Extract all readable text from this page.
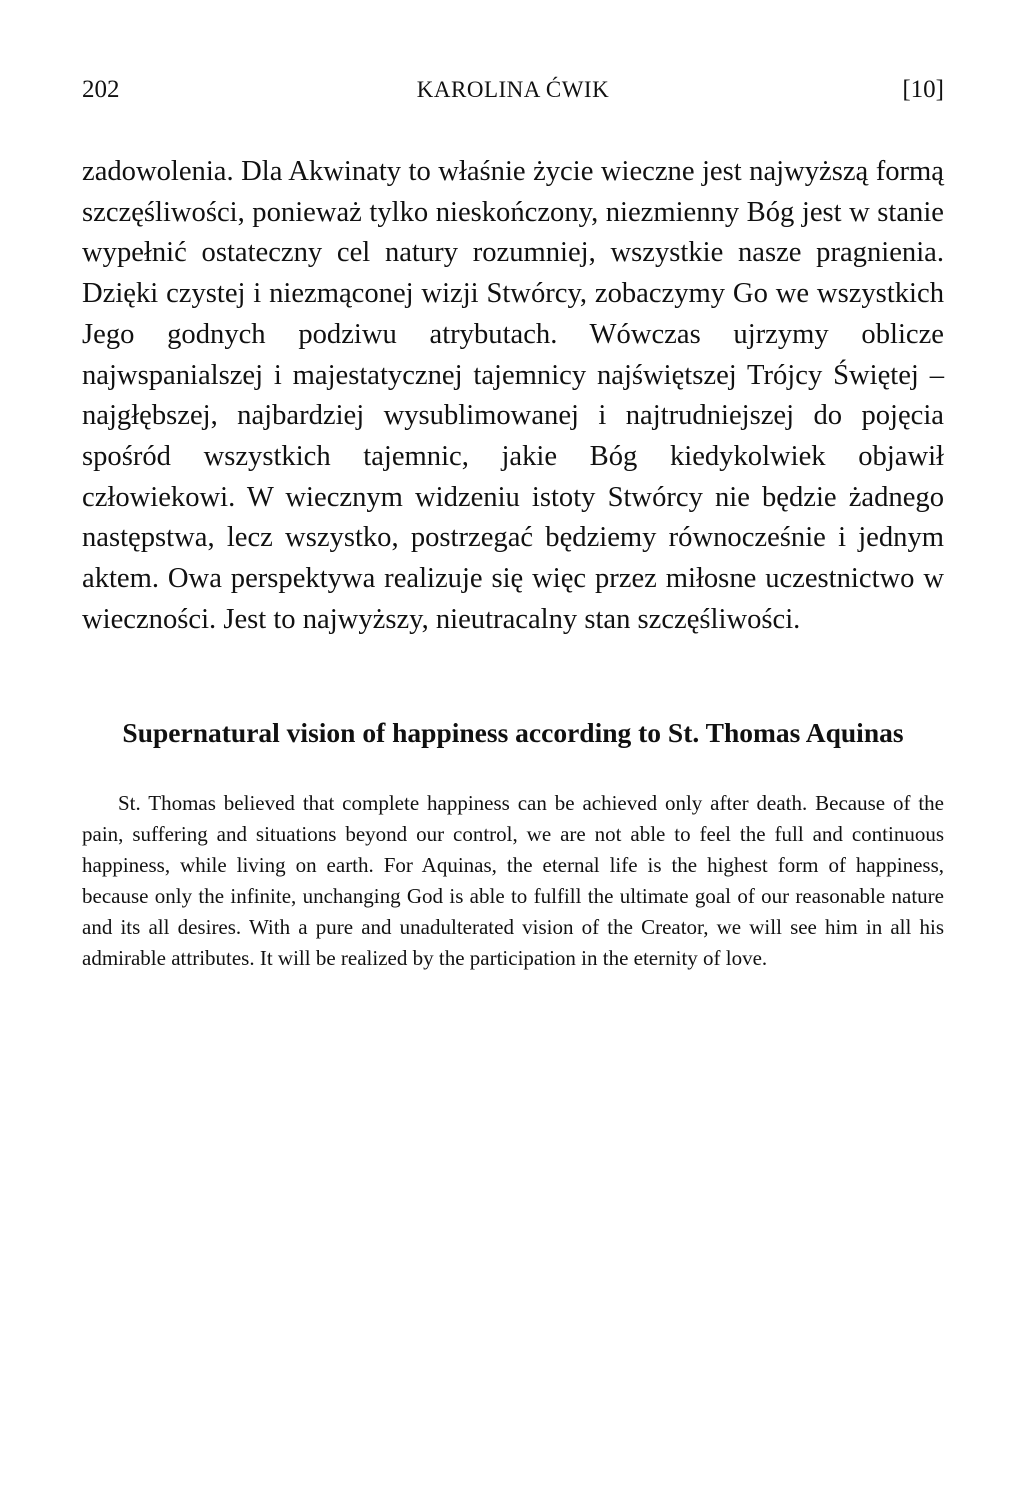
202	KAROLINA ĆWIK	[10]

zadowolenia. Dla Akwinaty to właśnie życie wieczne jest najwyższą formą szczęśliwości, ponieważ tylko nieskończony, niezmienny Bóg jest w stanie wypełnić ostateczny cel natury rozumniej, wszystkie nasze pragnienia. Dzięki czystej i niezmąconej wizji Stwórcy, zobaczymy Go we wszystkich Jego godnych podziwu atrybutach. Wówczas ujrzymy oblicze najwspanialszej i majestatycznej tajemnicy najświętszej Trójcy Świętej – najgłębszej, najbardziej wysublimowanej i najtrudniejszej do pojęcia spośród wszystkich tajemnic, jakie Bóg kiedykolwiek objawił człowiekowi. W wiecznym widzeniu istoty Stwórcy nie będzie żadnego następstwa, lecz wszystko, postrzegać będziemy równocześnie i jednym aktem. Owa perspektywa realizuje się więc przez miłosne uczestnictwo w wieczności. Jest to najwyższy, nieutracalny stan szczęśliwości.

Supernatural vision of happiness according to St. Thomas Aquinas

St. Thomas believed that complete happiness can be achieved only after death. Because of the pain, suffering and situations beyond our control, we are not able to feel the full and continuous happiness, while living on earth. For Aquinas, the eternal life is the highest form of happiness, because only the infinite, unchanging God is able to fulfill the ultimate goal of our reasonable nature and its all desires. With a pure and unadulterated vision of the Creator, we will see him in all his admirable attributes. It will be realized by the participation in the eternity of love.
